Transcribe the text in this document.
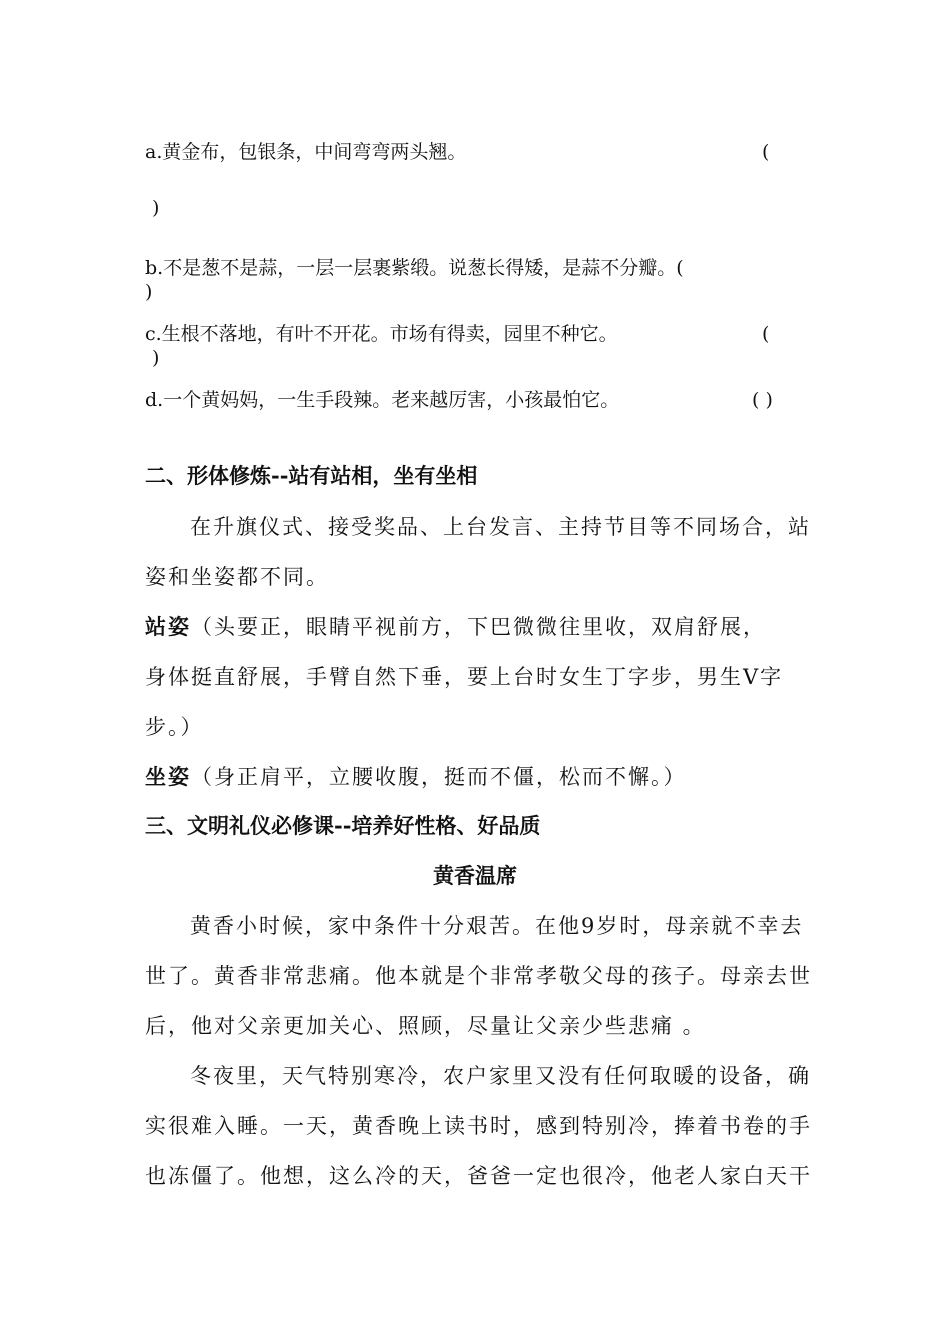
a.黄金布，包银条，中间弯弯两头翘。	(
)
b.不是葱不是蒜，一层一层裹紫缎。说葱长得矮，是蒜不分瓣。(
)
c.生根不落地，有叶不开花。市场有得卖，园里不种它。	(
)
d.一个黄妈妈，一生手段辣。老来越厉害，小孩最怕它。	( )
二、形体修炼--站有站相，坐有坐相
在升旗仪式、接受奖品、上台发言、主持节目等不同场合，站
姿和坐姿都不同。
站姿（头要正，眼睛平视前方，下巴微微往里收，双肩舒展，
身体挺直舒展，手臂自然下垂，要上台时女生丁字步，男生V字
步。）
坐姿（身正肩平，立腰收腹，挺而不僵，松而不懈。）
三、文明礼仪必修课--培养好性格、好品质
黄香温席
黄香小时候，家中条件十分艰苦。在他9岁时，母亲就不幸去
世了。黄香非常悲痛。他本就是个非常孝敬父母的孩子。母亲去世
后，他对父亲更加关心、照顾，尽量让父亲少些悲痛 。
冬夜里，天气特别寒冷，农户家里又没有任何取暖的设备，确
实很难入睡。一天，黄香晚上读书时，感到特别冷，捧着书卷的手
也冻僵了。他想，这么冷的天，爸爸一定也很冷，他老人家白天干
